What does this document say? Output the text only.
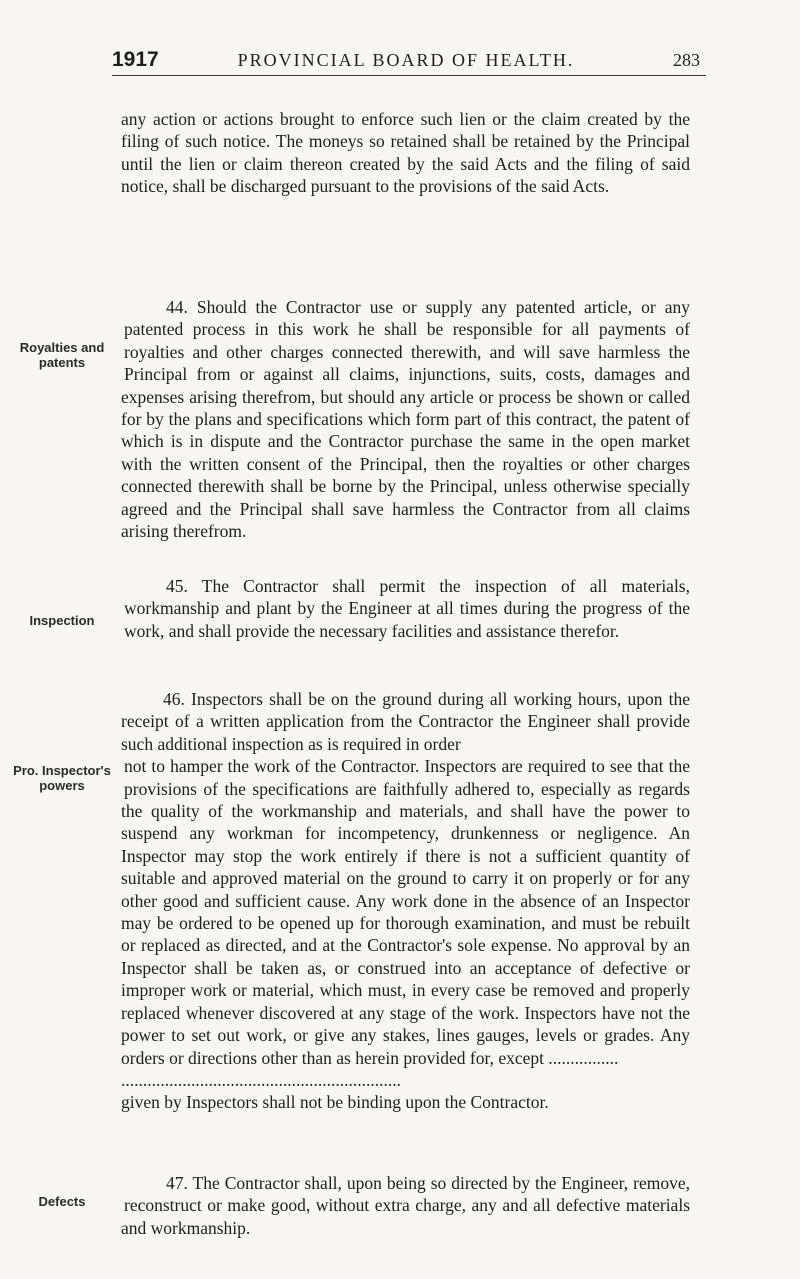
1917	PROVINCIAL BOARD OF HEALTH.	283

any action or actions brought to enforce such lien or the claim created by the filing of such notice. The moneys so retained shall be retained by the Principal until the lien or claim thereon created by the said Acts and the filing of said notice, shall be discharged pursuant to the provisions of the said Acts.

Royalties and patents

44. Should the Contractor use or supply any patented article, or any patented process in this work he shall be responsible for all payments of royalties and other charges connected therewith, and will save harmless the Principal from or against all claims, injunctions, suits, costs, damages and expenses arising therefrom, but should any article or process be shown or called for by the plans and specifications which form part of this contract, the patent of which is in dispute and the Contractor purchase the same in the open market with the written consent of the Principal, then the royalties or other charges connected therewith shall be borne by the Principal, unless otherwise specially agreed and the Principal shall save harmless the Contractor from all claims arising therefrom.

Inspection

45. The Contractor shall permit the inspection of all materials, workmanship and plant by the Engineer at all times during the progress of the work, and shall provide the necessary facilities and assistance therefor.

46. Inspectors shall be on the ground during all working hours, upon the receipt of a written application from the Contractor the Engineer shall provide such additional inspection as is required in order

Pro. Inspector's powers

not to hamper the work of the Contractor. Inspectors are required to see that the provisions of the specifications are faithfully adhered to, especially as regards the quality of the workmanship and materials, and shall have the power to suspend any workman for incompetency, drunkenness or negligence. An Inspector may stop the work entirely if there is not a sufficient quantity of suitable and approved material on the ground to carry it on properly or for any other good and sufficient cause. Any work done in the absence of an Inspector may be ordered to be opened up for thorough examination, and must be rebuilt or replaced as directed, and at the Contractor's sole expense. No approval by an Inspector shall be taken as, or construed into an acceptance of defective or improper work or material, which must, in every case be removed and properly replaced whenever discovered at any stage of the work. Inspectors have not the power to set out work, or give any stakes, lines gauges, levels or grades. Any orders or directions other than as herein provided for, except ................

................................................................

given by Inspectors shall not be binding upon the Contractor.

Defects

47. The Contractor shall, upon being so directed by the Engineer, remove, reconstruct or make good, without extra charge, any and all defective materials and workmanship.
